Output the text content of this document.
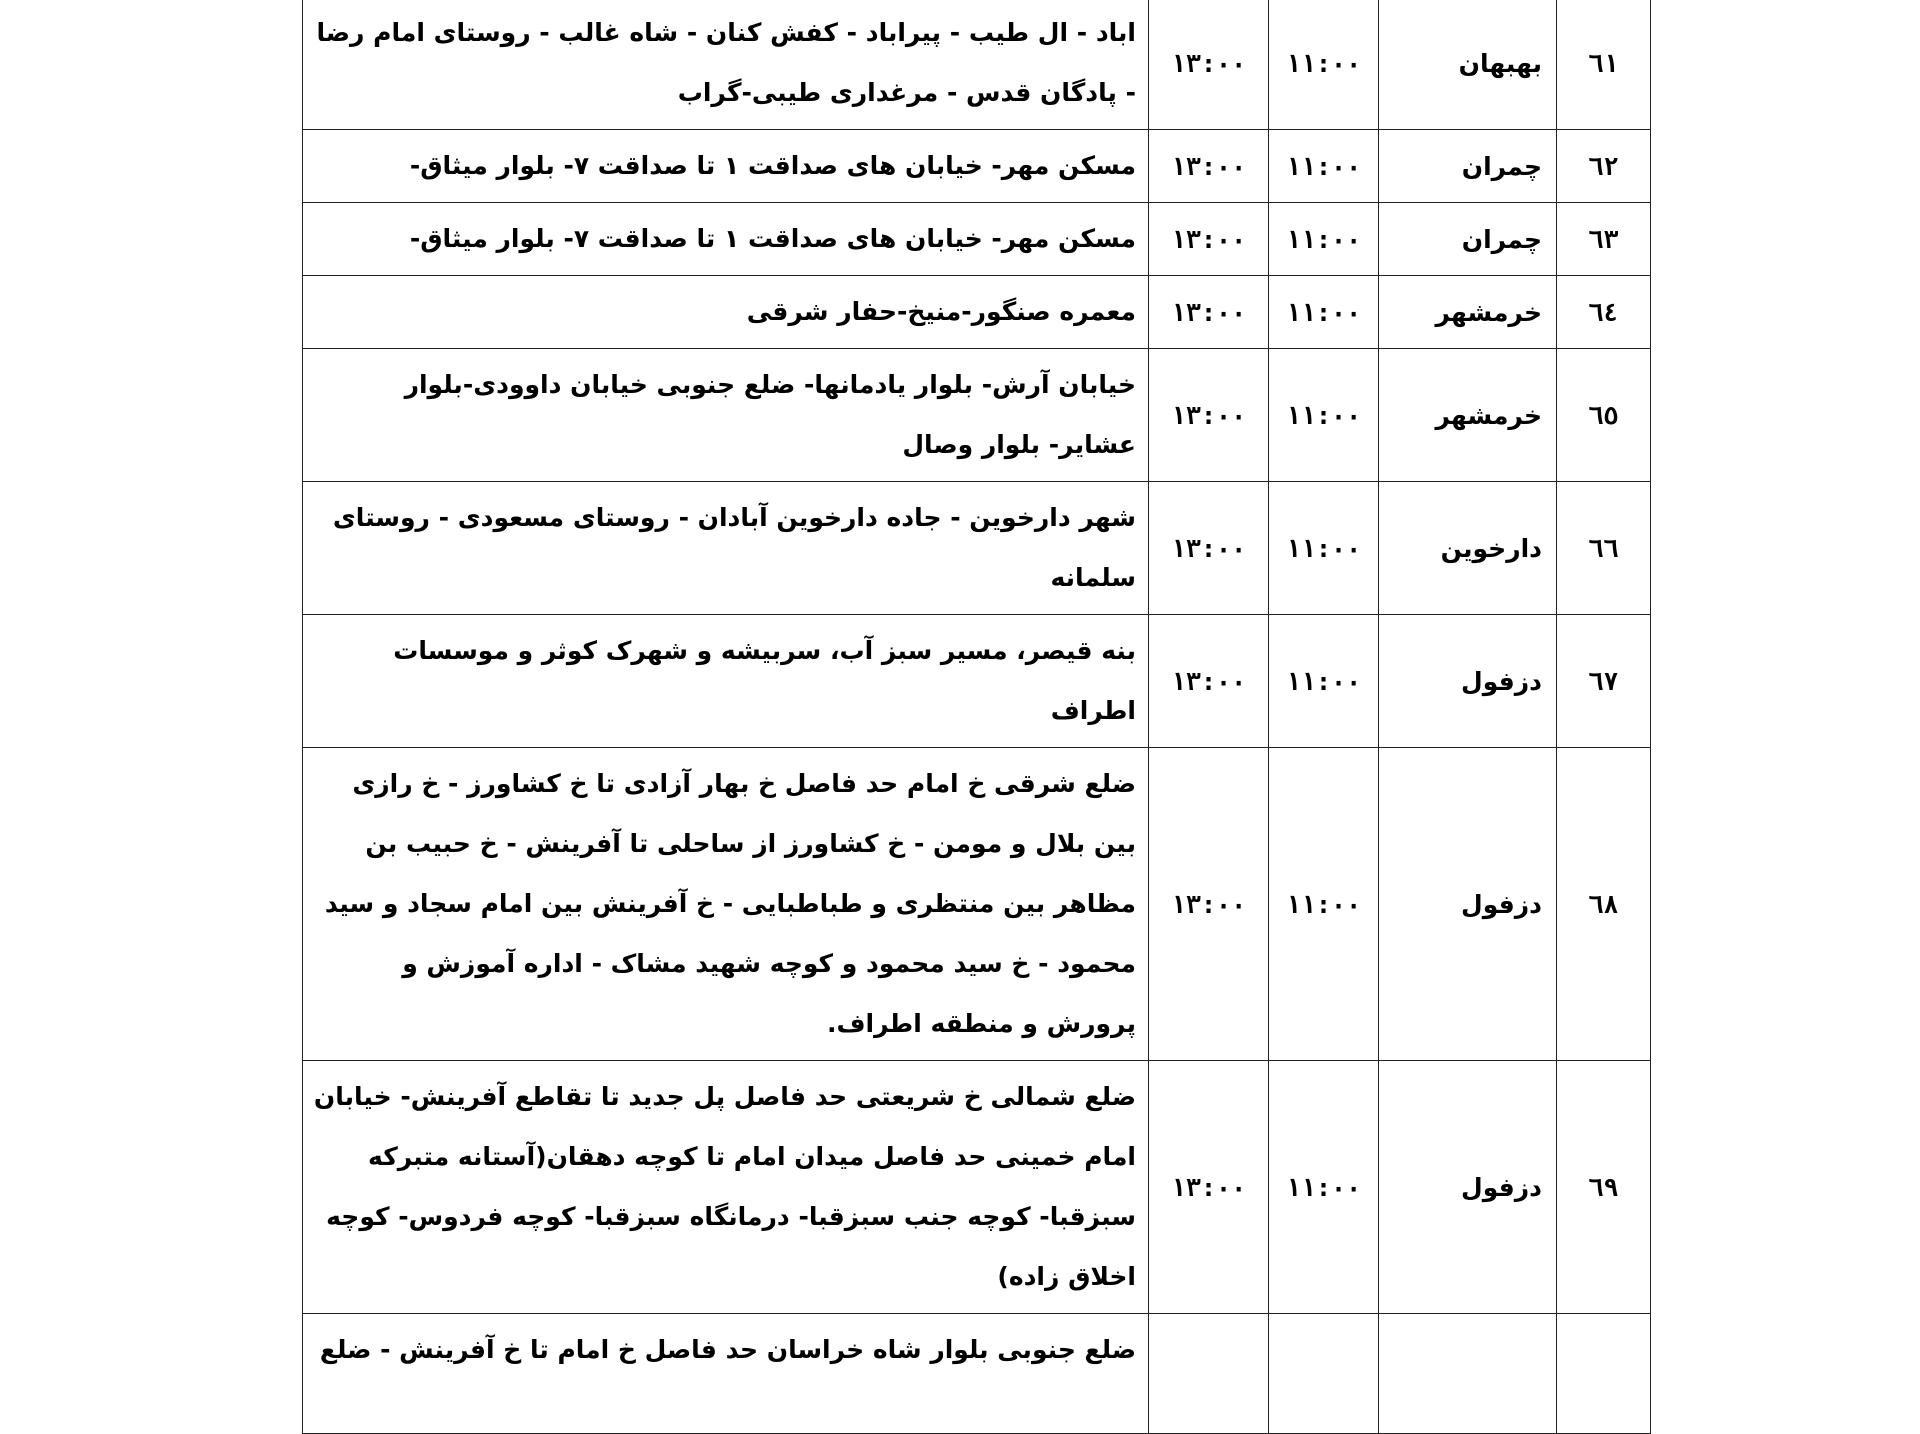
٦١	بهبهان	١١:٠٠	١٣:٠٠	اباد - ال طیب - پیراباد - کفش کنان - شاه غالب - روستای امام رضا - پادگان قدس - مرغداری طیبی-گراب
٦٢	چمران	١١:٠٠	١٣:٠٠	مسکن مهر- خیابان های صداقت ١ تا صداقت ٧- بلوار میثاق-
٦٣	چمران	١١:٠٠	١٣:٠٠	مسکن مهر- خیابان های صداقت ١ تا صداقت ٧- بلوار میثاق-
٦٤	خرمشهر	١١:٠٠	١٣:٠٠	معمره صنگور-منیخ-حفار شرقی
٦٥	خرمشهر	١١:٠٠	١٣:٠٠	خیابان آرش- بلوار یادمانها- ضلع جنوبی خیابان داوودی-بلوار عشایر- بلوار وصال
٦٦	دارخوین	١١:٠٠	١٣:٠٠	شهر دارخوین - جاده دارخوین آبادان - روستای مسعودی - روستای سلمانه
٦٧	دزفول	١١:٠٠	١٣:٠٠	بنه قیصر، مسیر سبز آب، سربیشه و شهرک کوثر و موسسات اطراف
٦٨	دزفول	١١:٠٠	١٣:٠٠	ضلع شرقی خ امام حد فاصل خ بهار آزادی تا خ کشاورز - خ رازی بین بلال و مومن - خ کشاورز از ساحلی تا آفرینش - خ حبیب بن مظاهر بین منتظری و طباطبایی - خ آفرینش بین امام سجاد و سید محمود - خ سید محمود و کوچه شهید مشاک - اداره آموزش و پرورش و منطقه اطراف.
٦٩	دزفول	١١:٠٠	١٣:٠٠	ضلع شمالی خ شریعتی حد فاصل پل جدید تا تقاطع آفرینش- خیابان امام خمینی حد فاصل میدان امام تا کوچه دهقان(آستانه متبرکه سبزقبا- کوچه جنب سبزقبا- درمانگاه سبزقبا- کوچه فردوس- کوچه اخلاق زاده)
				ضلع جنوبی بلوار شاه خراسان حد فاصل خ امام تا خ آفرینش - ضلع
